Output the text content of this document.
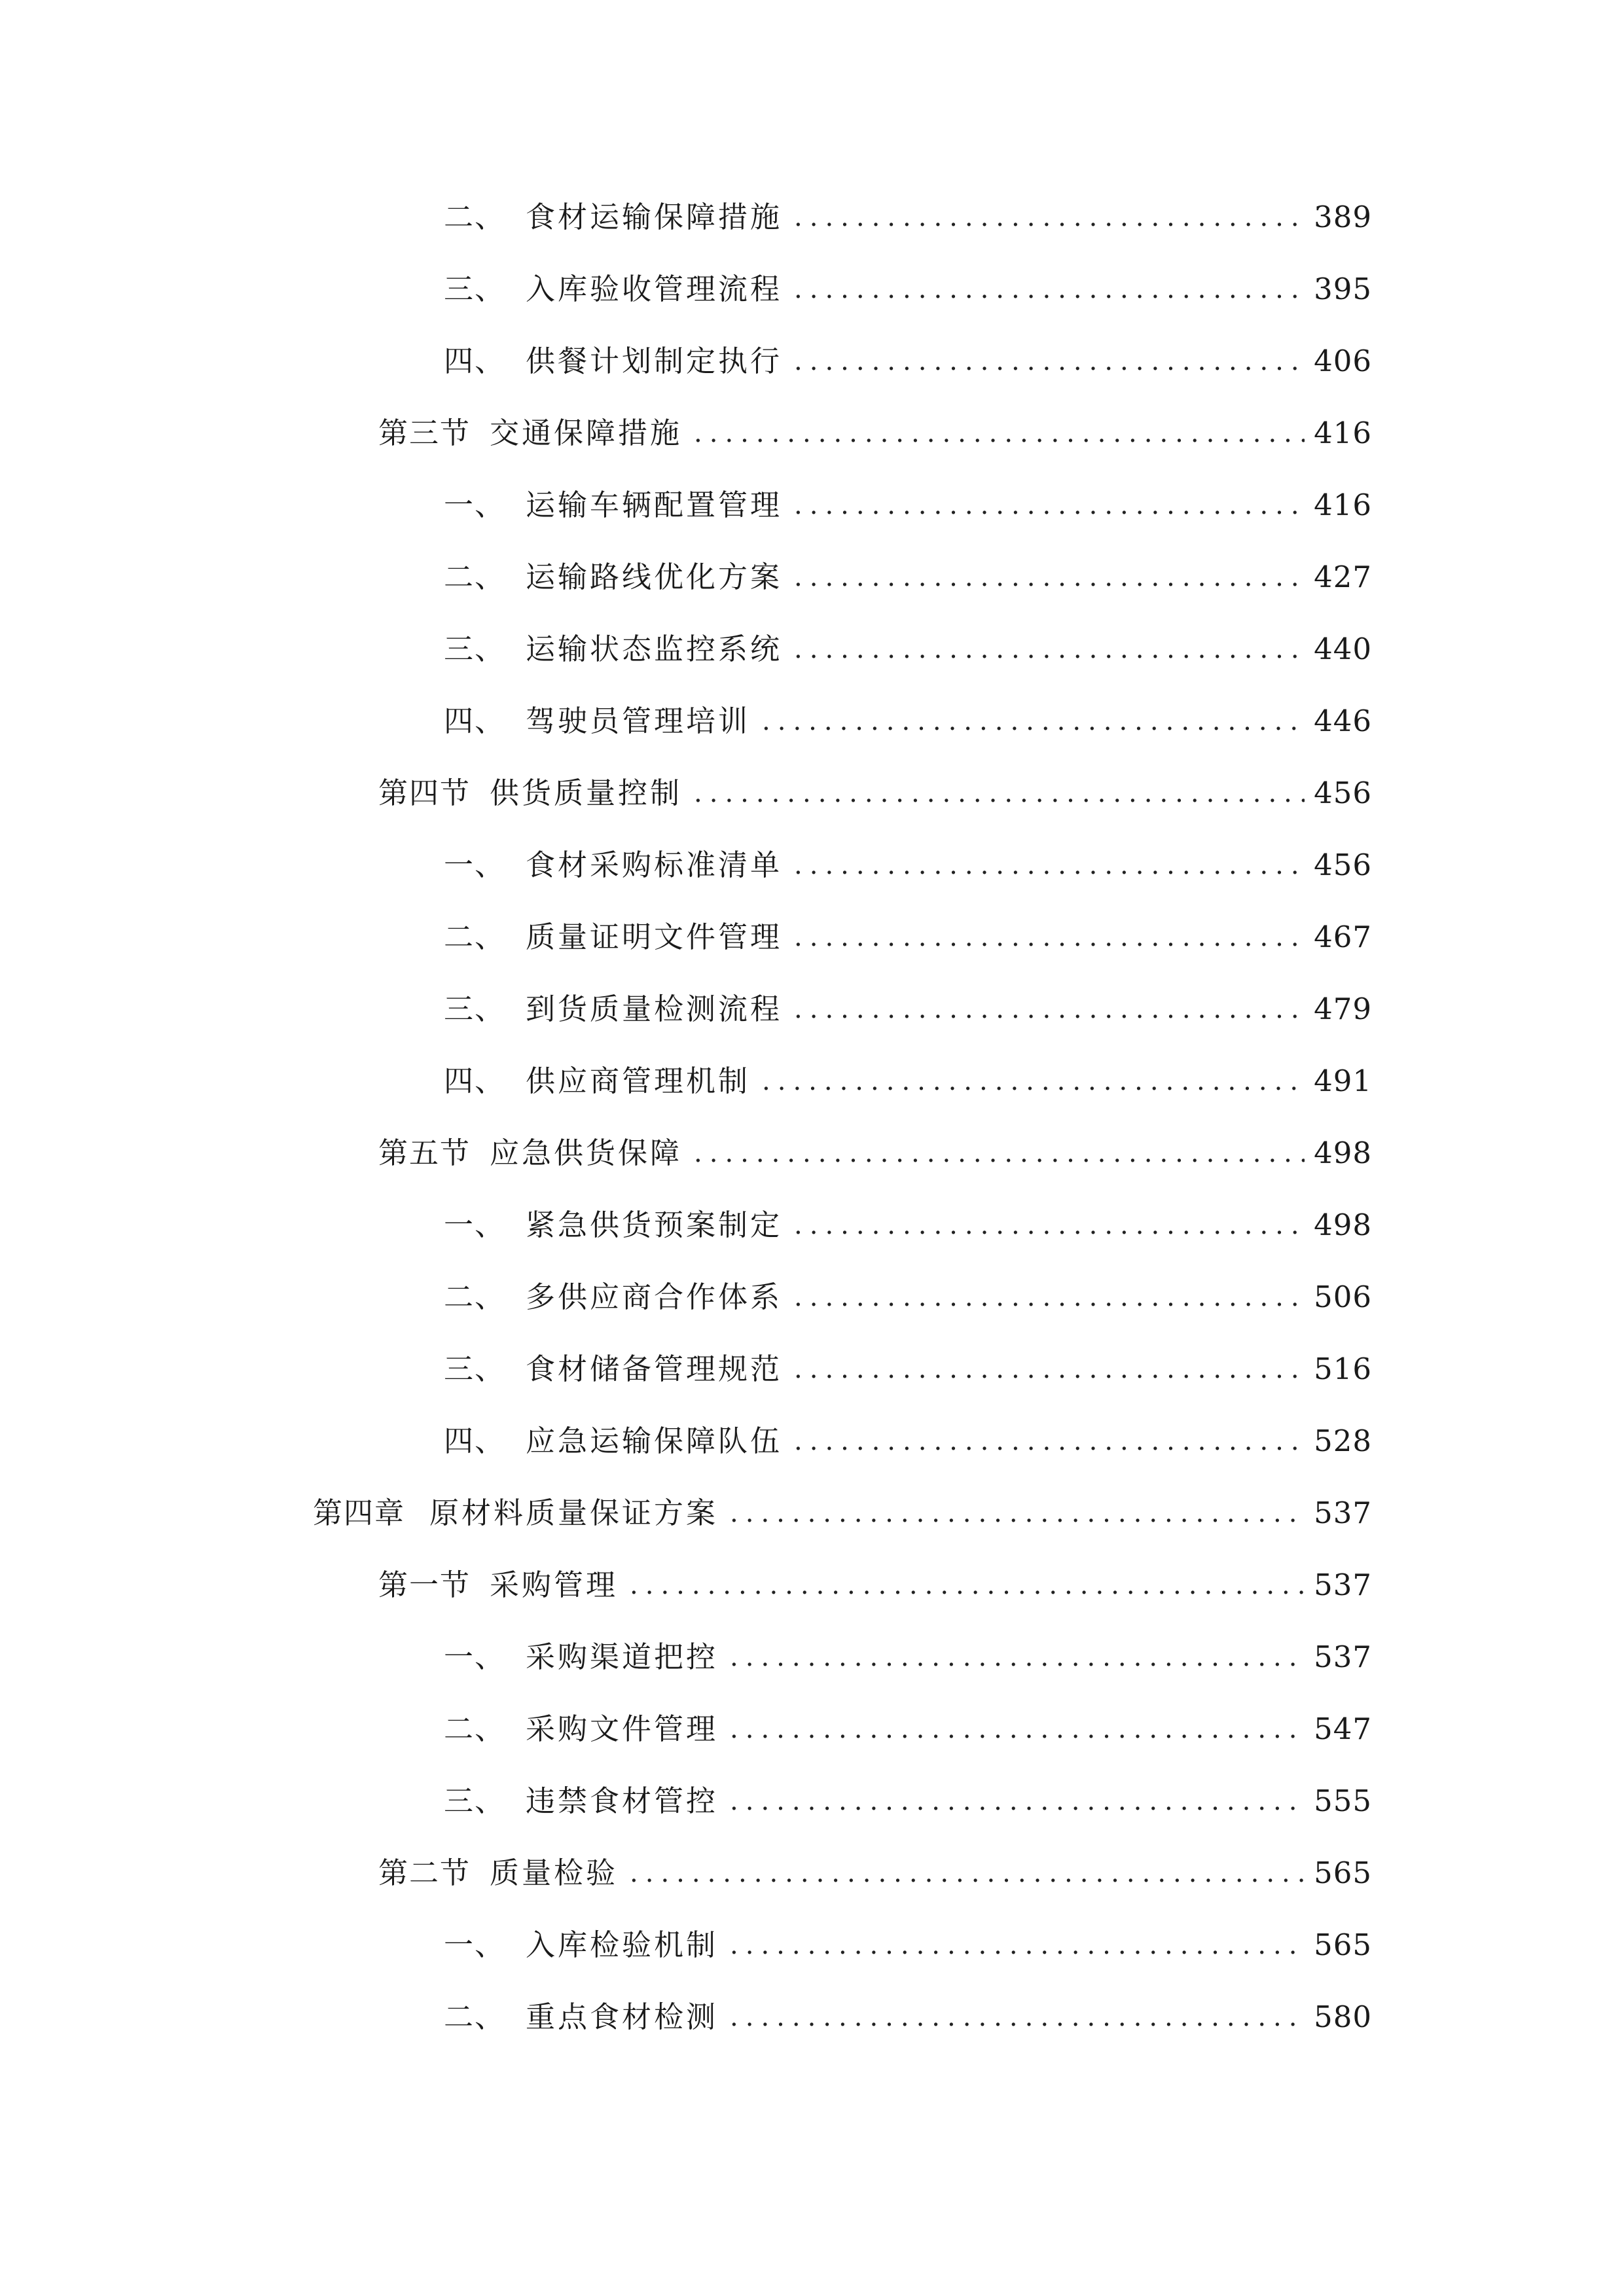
二、 食材运输保障措施 .....	389
三、 入库验收管理流程 .....	395
四、 供餐计划制定执行 .....	406
第三节 交通保障措施 .....	416
一、 运输车辆配置管理 .....	416
二、 运输路线优化方案 .....	427
三、 运输状态监控系统 .....	440
四、 驾驶员管理培训 .....	446
第四节 供货质量控制 .....	456
一、 食材采购标准清单 .....	456
二、 质量证明文件管理 .....	467
三、 到货质量检测流程 .....	479
四、 供应商管理机制 .....	491
第五节 应急供货保障 .....	498
一、 紧急供货预案制定 .....	498
二、 多供应商合作体系 .....	506
三、 食材储备管理规范 .....	516
四、 应急运输保障队伍 .....	528
第四章 原材料质量保证方案 .....	537
第一节 采购管理 .....	537
一、 采购渠道把控 .....	537
二、 采购文件管理 .....	547
三、 违禁食材管控 .....	555
第二节 质量检验 .....	565
一、 入库检验机制 .....	565
二、 重点食材检测 .....	580
